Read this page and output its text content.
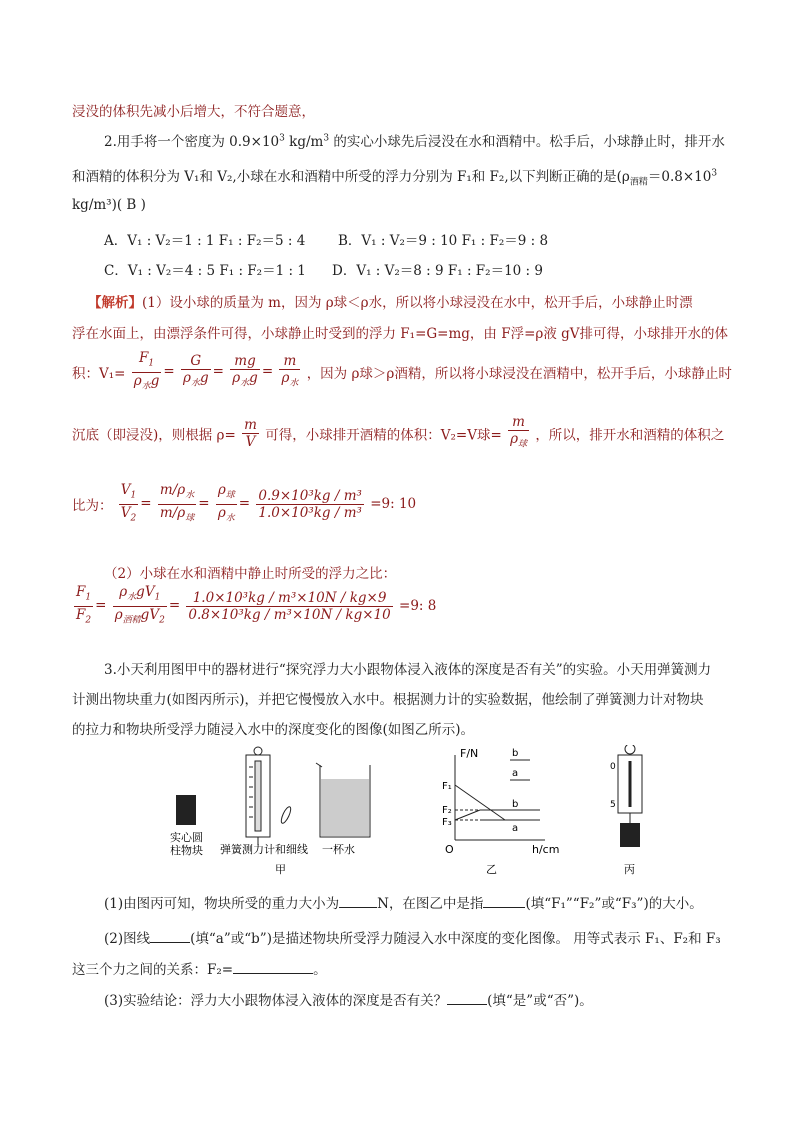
浸没的体积先减小后增大，不符合题意，
2.用手将一个密度为 $0.9\times 10^3$ $kg/m^3$ 的实心小球先后浸没在水和酒精中。松手后，小球静止时，排开水
和酒精的体积分为 V₁和 V₂,小球在水和酒精中所受的浮力分别为 F₁和 F₂,以下判断正确的是($\rho_{酒精}=0.8\times 10^3$
kg/m³)( B )
A．V₁ : V₂＝1 : 1 F₁ : F₂＝5 : 4 B．V₁ : V₂＝9 : 10 F₁ : F₂＝9 : 8
C．V₁ : V₂＝4 : 5 F₁ : F₂＝1 : 1 D．V₁ : V₂＝8 : 9 F₁ : F₂＝10 : 9
【解析】(1）设小球的质量为 m，因为 ρ球＜ρ水，所以将小球浸没在水中，松开手后，小球静止时漂
浮在水面上，由漂浮条件可得，小球静止时受到的浮力 F₁=G=mg，由 F浮=ρ液 gV排可得，小球排开水的体
积：$V_1= \frac{F_1}{\rho_水g} = \frac{G}{\rho_水g} = \frac{mg}{\rho_水g} = \frac{m}{\rho_水}$ ，因为 ρ球＞ρ酒精，所以将小球浸没在酒精中，松开手后，小球静止时
沉底（即浸没)，则根据 $\rho= \frac{m}{V}$ 可得，小球排开酒精的体积：V₂=V球= $\frac{m}{\rho_球}$ ，所以，排开水和酒精的体积之
比为： $\frac{V_1}{V_2} = \frac{m/\rho_水}{m/\rho_球} = \frac{\rho_球}{\rho_水} = \frac{\text{0.9×10³kg / m³}}{\text{1.0×10³kg / m³}} =9$: 10
（2）小球在水和酒精中静止时所受的浮力之比：
$\frac{F_1}{F_2} = \frac{\rho_水gV_1}{\rho_{酒精}gV_2} = \frac{\text{1.0×10³kg / m³×10N / kg×9}}{\text{0.8×10³kg / m³×10N / kg×10}} =9$: 8
3.小天利用图甲中的器材进行“探究浮力大小跟物体浸入液体的深度是否有关”的实验。小天用弹簧测力
计测出物块重力(如图丙所示)，并把它慢慢放入水中。根据测力计的实验数据，他绘制了弹簧测力计对物块
的拉力和物块所受浮力随浸入水中的深度变化的图像(如图乙所示)。
实心圆
柱物块 弹簧测力计和细线 一杯水
甲
F/N
h/cm
O
F₁
F₂
F₃
b
a
b
a
乙
0
5
丙
(1)由图丙可知，物块所受的重力大小为	N，在图乙中是指	(填“F₁”“F₂”或“F₃”)的大小。
(2)图线	(填“a”或“b”)是描述物块所受浮力随浸入水中深度的变化图像。 用等式表示 F₁、F₂和 F₃
这三个力之间的关系：F₂=	。
(3)实验结论：浮力大小跟物体浸入液体的深度是否有关？	(填“是”或“否”)。
